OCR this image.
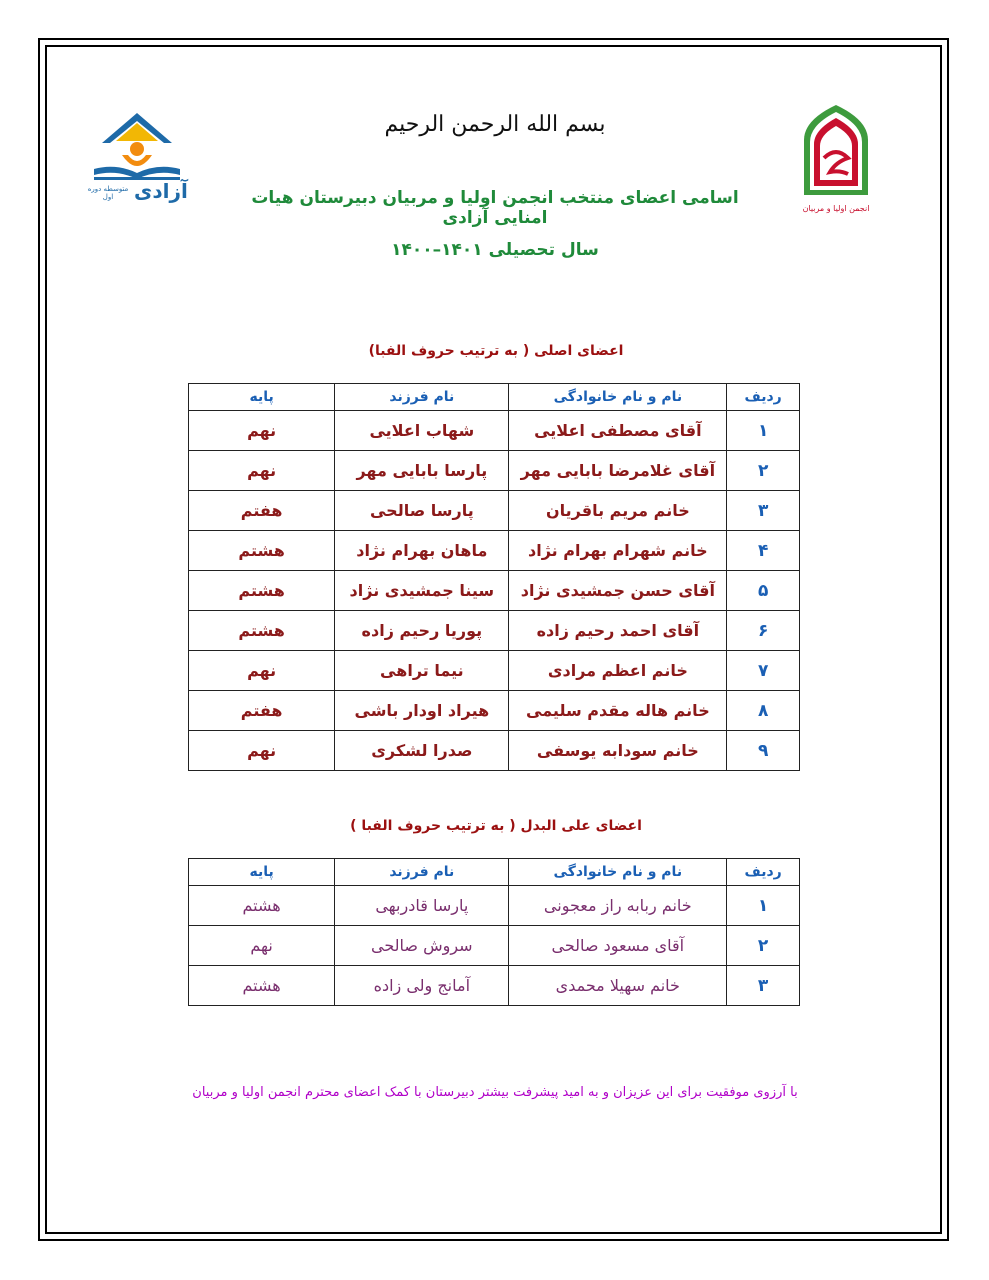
آزادی
متوسطه دوره اول
انجمن اولیا و مربیان
بسم الله الرحمن الرحیم
اسامی اعضای منتخب انجمن اولیا و مربیان دبیرستان هیات امنایی آزادی
سال تحصیلی ۱۴۰۱–۱۴۰۰
اعضای اصلی ( به ترتیب حروف الفبا)
ردیف	نام و نام خانوادگی	نام فرزند	پایه
۱	آقای مصطفی اعلایی	شهاب اعلایی	نهم
۲	آقای غلامرضا بابایی مهر	پارسا بابایی مهر	نهم
۳	خانم مریم باقریان	پارسا صالحی	هفتم
۴	خانم شهرام بهرام نژاد	ماهان بهرام نژاد	هشتم
۵	آقای حسن جمشیدی نژاد	سینا جمشیدی نژاد	هشتم
۶	آقای احمد رحیم زاده	پوریا رحیم زاده	هشتم
۷	خانم اعظم مرادی	نیما تراهی	نهم
۸	خانم هاله مقدم سلیمی	هیراد اودار باشی	هفتم
۹	خانم سودابه یوسفی	صدرا لشکری	نهم
اعضای علی البدل ( به ترتیب حروف الفبا )
ردیف	نام و نام خانوادگی	نام فرزند	پایه
۱	خانم ربابه راز معجونی	پارسا قادربهی	هشتم
۲	آقای مسعود صالحی	سروش صالحی	نهم
۳	خانم سهیلا محمدی	آمانج ولی زاده	هشتم
با آرزوی موفقیت برای این عزیزان و به امید پیشرفت بیشتر دبیرستان با کمک اعضای محترم انجمن اولیا و مربیان
